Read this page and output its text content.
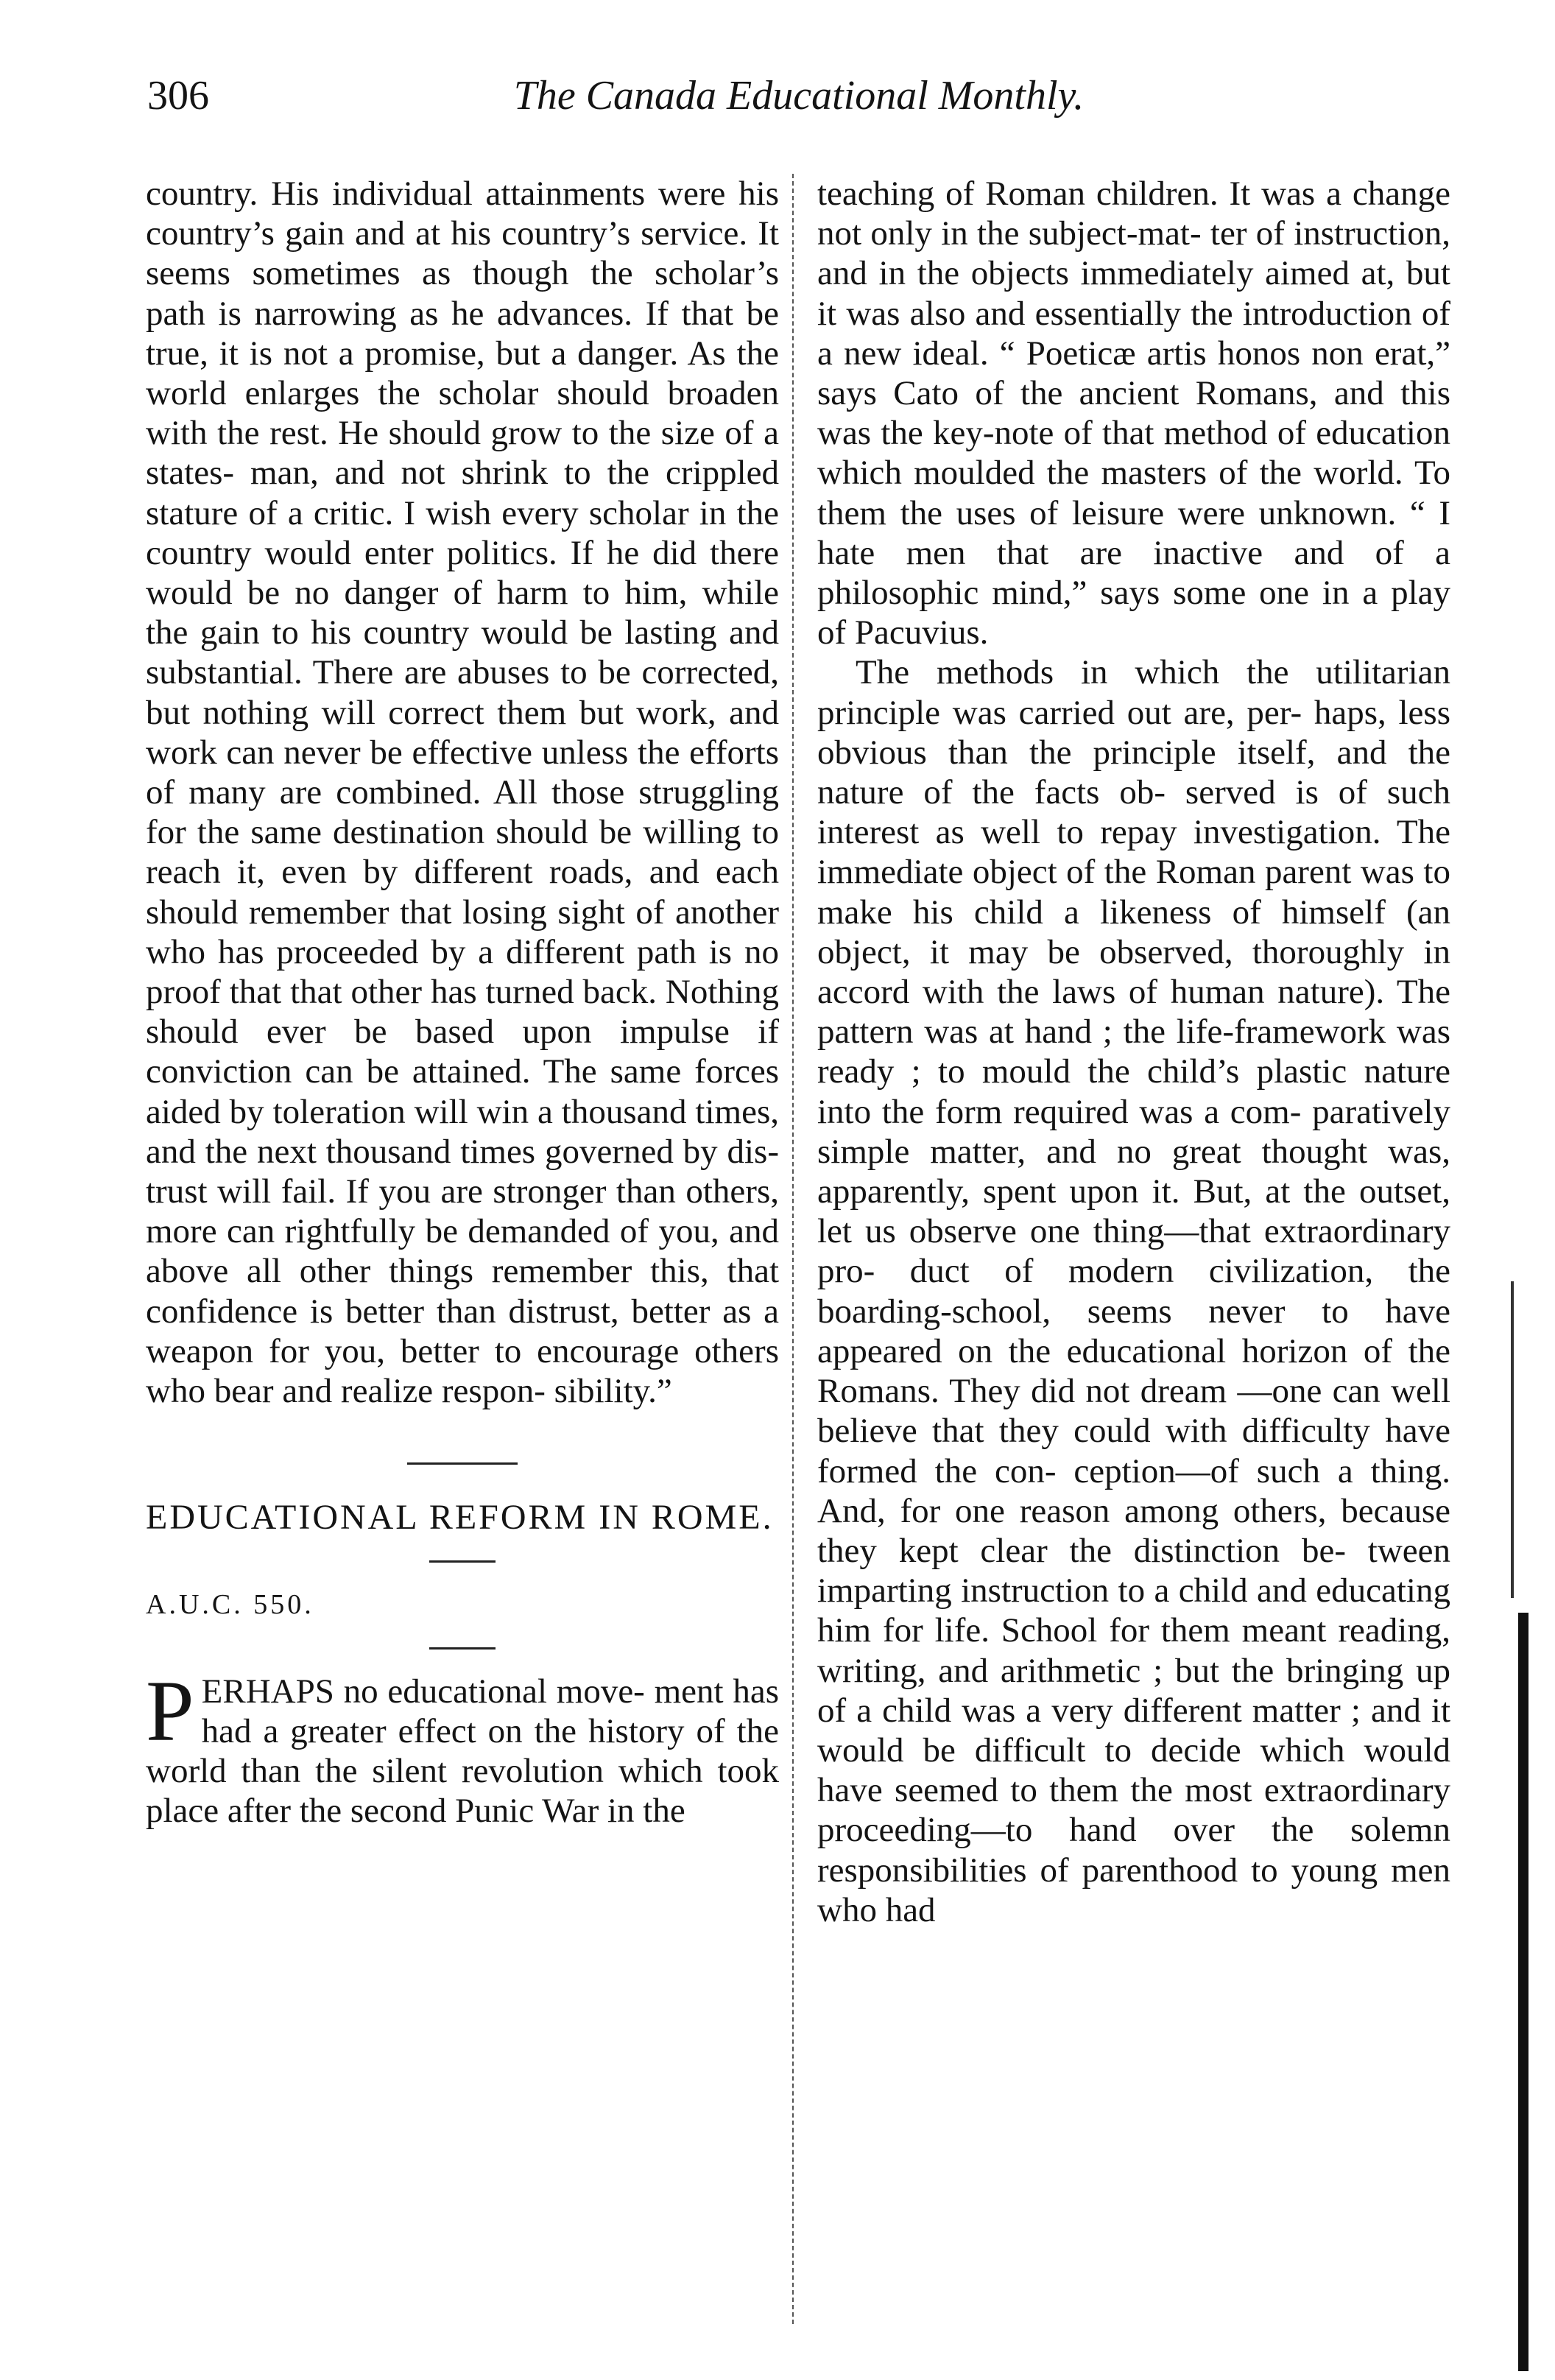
306	The Canada Educational Monthly.

country. His individual attainments were his country’s gain and at his country’s service. It seems sometimes as though the scholar’s path is narrowing as he advances. If that be true, it is not a promise, but a danger. As the world enlarges the scholar should broaden with the rest. He should grow to the size of a states- man, and not shrink to the crippled stature of a critic. I wish every scholar in the country would enter politics. If he did there would be no danger of harm to him, while the gain to his country would be lasting and substantial. There are abuses to be corrected, but nothing will correct them but work, and work can never be effective unless the efforts of many are combined. All those struggling for the same destination should be willing to reach it, even by different roads, and each should remember that losing sight of another who has proceeded by a different path is no proof that that other has turned back. Nothing should ever be based upon impulse if conviction can be attained. The same forces aided by toleration will win a thousand times, and the next thousand times governed by dis- trust will fail. If you are stronger than others, more can rightfully be demanded of you, and above all other things remember this, that confidence is better than distrust, better as a weapon for you, better to encourage others who bear and realize respon- sibility.”

EDUCATIONAL REFORM IN ROME.

A.U.C. 550.

PERHAPS no educational move- ment has had a greater effect on the history of the world than the silent revolution which took place after the second Punic War in the

teaching of Roman children. It was a change not only in the subject-mat- ter of instruction, and in the objects immediately aimed at, but it was also and essentially the introduction of a new ideal. “ Poeticæ artis honos non erat,” says Cato of the ancient Romans, and this was the key-note of that method of education which moulded the masters of the world. To them the uses of leisure were unknown. “ I hate men that are inactive and of a philosophic mind,” says some one in a play of Pacuvius.

The methods in which the utilitarian principle was carried out are, per- haps, less obvious than the principle itself, and the nature of the facts ob- served is of such interest as well to repay investigation. The immediate object of the Roman parent was to make his child a likeness of himself (an object, it may be observed, thoroughly in accord with the laws of human nature). The pattern was at hand ; the life-framework was ready ; to mould the child’s plastic nature into the form required was a com- paratively simple matter, and no great thought was, apparently, spent upon it. But, at the outset, let us observe one thing—that extraordinary pro- duct of modern civilization, the boarding-school, seems never to have appeared on the educational horizon of the Romans. They did not dream —one can well believe that they could with difficulty have formed the con- ception—of such a thing. And, for one reason among others, because they kept clear the distinction be- tween imparting instruction to a child and educating him for life. School for them meant reading, writing, and arithmetic ; but the bringing up of a child was a very different matter ; and it would be difficult to decide which would have seemed to them the most extraordinary proceeding—to hand over the solemn responsibilities of parenthood to young men who had
